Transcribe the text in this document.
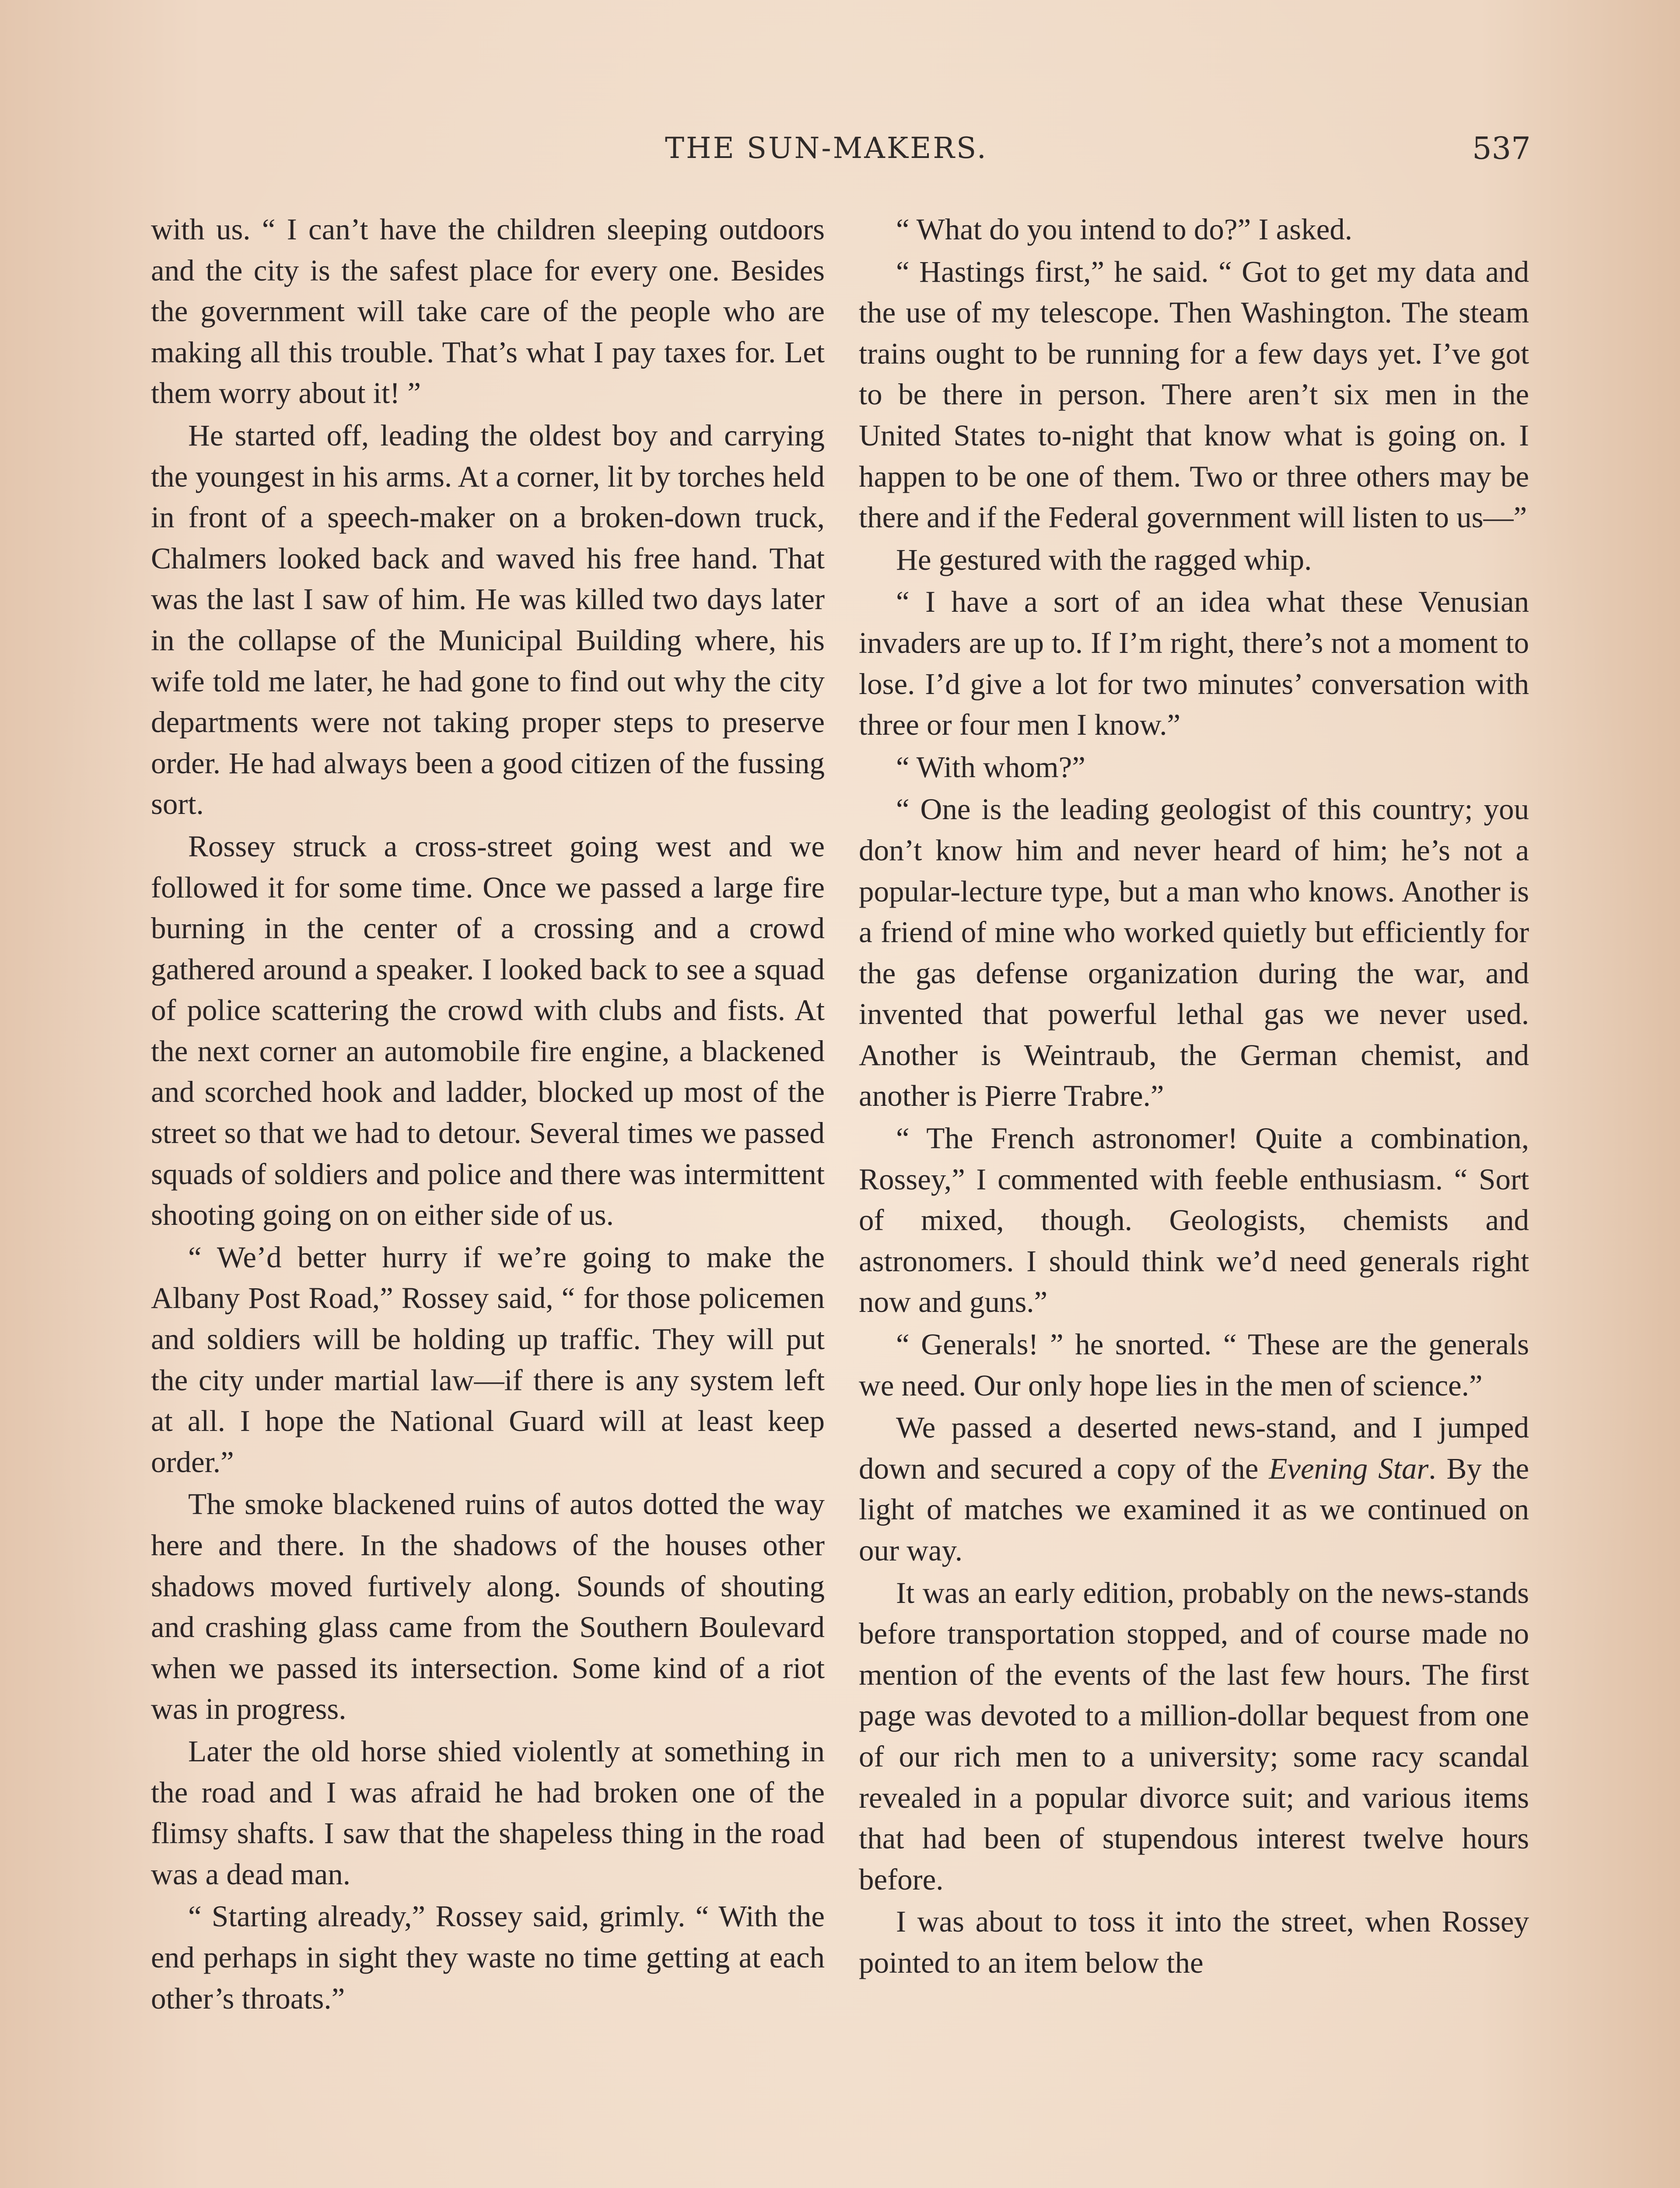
THE SUN-MAKERS.	537

with us. “ I can’t have the children sleeping outdoors and the city is the safest place for every one. Besides the government will take care of the people who are making all this trouble. That’s what I pay taxes for. Let them worry about it! ”

He started off, leading the oldest boy and carrying the youngest in his arms. At a corner, lit by torches held in front of a speech-maker on a broken-down truck, Chalmers looked back and waved his free hand. That was the last I saw of him. He was killed two days later in the collapse of the Municipal Building where, his wife told me later, he had gone to find out why the city departments were not taking proper steps to preserve order. He had always been a good citizen of the fussing sort.

Rossey struck a cross-street going west and we followed it for some time. Once we passed a large fire burning in the center of a crossing and a crowd gathered around a speaker. I looked back to see a squad of police scattering the crowd with clubs and fists. At the next corner an automobile fire engine, a blackened and scorched hook and ladder, blocked up most of the street so that we had to detour. Several times we passed squads of soldiers and police and there was intermittent shooting going on on either side of us.

“ We’d better hurry if we’re going to make the Albany Post Road,” Rossey said, “ for those policemen and soldiers will be holding up traffic. They will put the city under martial law—if there is any system left at all. I hope the National Guard will at least keep order.”

The smoke blackened ruins of autos dotted the way here and there. In the shadows of the houses other shadows moved furtively along. Sounds of shouting and crashing glass came from the Southern Boulevard when we passed its intersection. Some kind of a riot was in progress.

Later the old horse shied violently at something in the road and I was afraid he had broken one of the flimsy shafts. I saw that the shapeless thing in the road was a dead man.

“ Starting already,” Rossey said, grimly. “ With the end perhaps in sight they waste no time getting at each other’s throats.”

“ What do you intend to do?” I asked.

“ Hastings first,” he said. “ Got to get my data and the use of my telescope. Then Washington. The steam trains ought to be running for a few days yet. I’ve got to be there in person. There aren’t six men in the United States to-night that know what is going on. I happen to be one of them. Two or three others may be there and if the Federal government will listen to us—”

He gestured with the ragged whip.

“ I have a sort of an idea what these Venusian invaders are up to. If I’m right, there’s not a moment to lose. I’d give a lot for two minutes’ conversation with three or four men I know.”

“ With whom?”

“ One is the leading geologist of this country; you don’t know him and never heard of him; he’s not a popular-lecture type, but a man who knows. Another is a friend of mine who worked quietly but efficiently for the gas defense organization during the war, and invented that powerful lethal gas we never used. Another is Weintraub, the German chemist, and another is Pierre Trabre.”

“ The French astronomer! Quite a combination, Rossey,” I commented with feeble enthusiasm. “ Sort of mixed, though. Geologists, chemists and astronomers. I should think we’d need generals right now and guns.”

“ Generals! ” he snorted. “ These are the generals we need. Our only hope lies in the men of science.”

We passed a deserted news-stand, and I jumped down and secured a copy of the Evening Star. By the light of matches we examined it as we continued on our way.

It was an early edition, probably on the news-stands before transportation stopped, and of course made no mention of the events of the last few hours. The first page was devoted to a million-dollar bequest from one of our rich men to a university; some racy scandal revealed in a popular divorce suit; and various items that had been of stupendous interest twelve hours before.

I was about to toss it into the street, when Rossey pointed to an item below the
